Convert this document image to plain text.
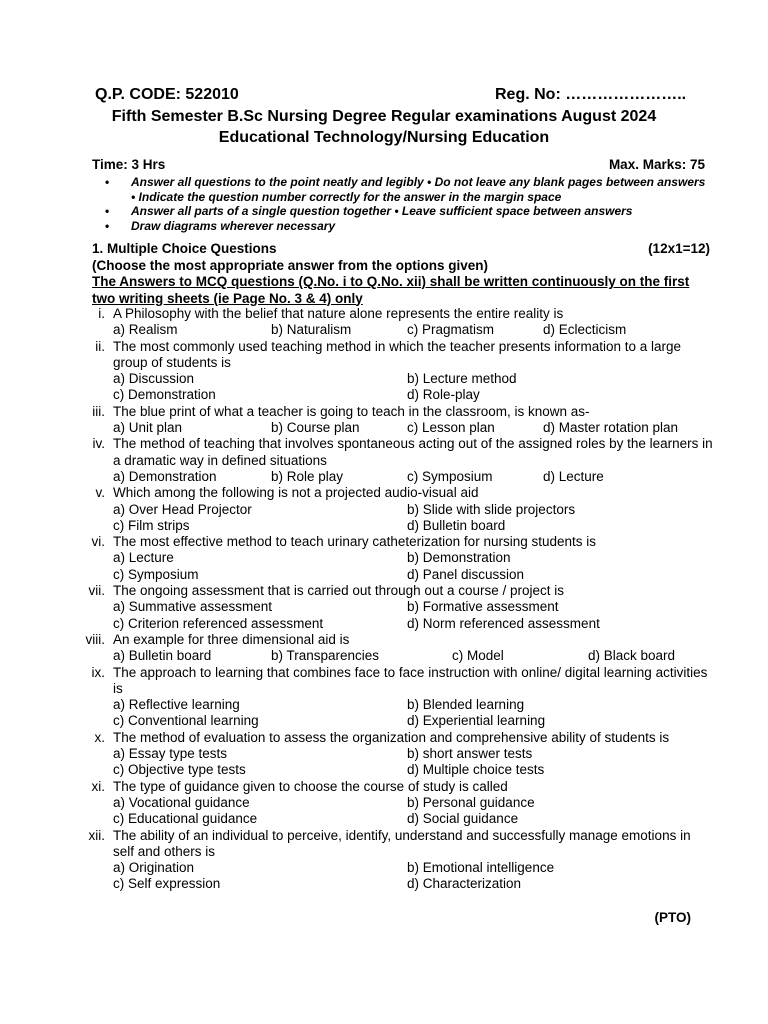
Q.P. CODE: 522010	Reg. No: …………………..
Fifth Semester B.Sc Nursing Degree Regular examinations August 2024
Educational Technology/Nursing Education
Time: 3 Hrs	Max. Marks: 75
• Answer all questions to the point neatly and legibly • Do not leave any blank pages between answers • Indicate the question number correctly for the answer in the margin space
• Answer all parts of a single question together • Leave sufficient space between answers
• Draw diagrams wherever necessary
1. Multiple Choice Questions	(12x1=12)
(Choose the most appropriate answer from the options given)
The Answers to MCQ questions (Q.No. i to Q.No. xii) shall be written continuously on the first two writing sheets (ie Page No. 3 & 4) only
i. A Philosophy with the belief that nature alone represents the entire reality is
a) Realism	b) Naturalism	c) Pragmatism	d) Eclecticism
ii. The most commonly used teaching method in which the teacher presents information to a large group of students is
a) Discussion	b) Lecture method
c) Demonstration	d) Role-play
iii. The blue print of what a teacher is going to teach in the classroom, is known as-
a) Unit plan	b) Course plan	c) Lesson plan	d) Master rotation plan
iv. The method of teaching that involves spontaneous acting out of the assigned roles by the learners in a dramatic way in defined situations
a) Demonstration	b) Role play	c) Symposium	d) Lecture
v. Which among the following is not a projected audio-visual aid
a) Over Head Projector	b) Slide with slide projectors
c) Film strips	d) Bulletin board
vi. The most effective method to teach urinary catheterization for nursing students is
a) Lecture	b) Demonstration
c) Symposium	d) Panel discussion
vii. The ongoing assessment that is carried out through out a course / project is
a) Summative assessment	b) Formative assessment
c) Criterion referenced assessment	d) Norm referenced assessment
viii. An example for three dimensional aid is
a) Bulletin board	b) Transparencies	c) Model	d) Black board
ix. The approach to learning that combines face to face instruction with online/ digital learning activities is
a) Reflective learning	b) Blended learning
c) Conventional learning	d) Experiential learning
x. The method of evaluation to assess the organization and comprehensive ability of students is
a) Essay type tests	b) short answer tests
c) Objective type tests	d) Multiple choice tests
xi. The type of guidance given to choose the course of study is called
a) Vocational guidance	b) Personal guidance
c) Educational guidance	d) Social guidance
xii. The ability of an individual to perceive, identify, understand and successfully manage emotions in self and others is
a) Origination	b) Emotional intelligence
c) Self expression	d) Characterization
(PTO)
